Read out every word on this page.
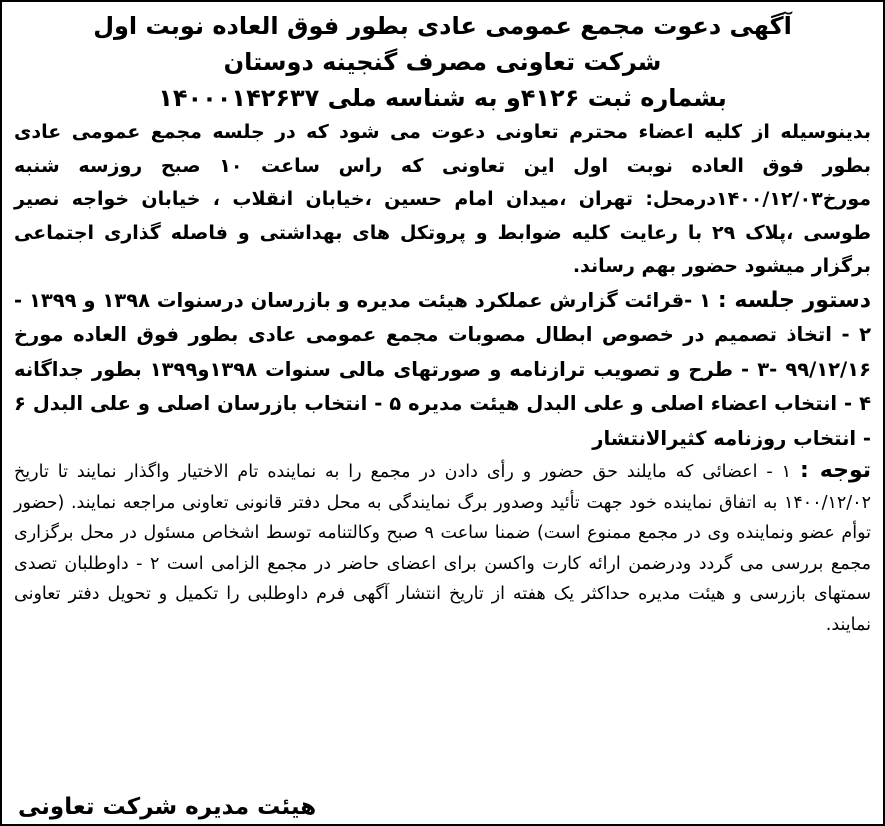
آگهی دعوت مجمع عمومی عادی بطور فوق العاده نوبت اول

شرکت تعاونی مصرف گنجینه دوستان

بشماره ثبت ۴۱۲۶و به شناسه ملی ۱۴۰۰۰۱۴۲۶۳۷

بدینوسیله از کلیه اعضاء محترم تعاونی دعوت می شود که در جلسه مجمع عمومی عادی بطور فوق العاده نوبت اول این تعاونی که راس ساعت ۱۰ صبح روزسه شنبه مورخ۱۴۰۰/۱۲/۰۳درمحل: تهران ،میدان امام حسین ،خیابان انقلاب ، خیابان خواجه نصیر طوسی ،پلاک ۲۹ با رعایت کلیه ضوابط و پروتکل های بهداشتی و فاصله گذاری اجتماعی برگزار میشود حضور بهم رساند.

دستور جلسه : ۱ -قرائت گزارش عملکرد هیئت مدیره و بازرسان درسنوات ۱۳۹۸ و ۱۳۹۹ - ۲ - اتخاذ تصمیم در خصوص ابطال مصوبات مجمع عمومی عادی بطور فوق العاده مورخ ۹۹/۱۲/۱۶ -۳ - طرح و تصویب ترازنامه و صورتهای مالی سنوات ۱۳۹۸و۱۳۹۹ بطور جداگانه ۴ - انتخاب اعضاء اصلی و علی البدل هیئت مدیره ۵ - انتخاب بازرسان اصلی و علی البدل ۶ - انتخاب روزنامه کثیرالانتشار

توجه : ۱ - اعضائی که مایلند حق حضور و رأی دادن در مجمع را به نماینده تام الاختیار واگذار نمایند تا تاریخ ۱۴۰۰/۱۲/۰۲ به اتفاق نماینده خود جهت تأئید وصدور برگ نمایندگی به محل دفتر قانونی تعاونی مراجعه نمایند. (حضور توأم عضو ونماینده وی در مجمع ممنوع است) ضمنا ساعت ۹ صبح وکالتنامه توسط اشخاص مسئول در محل برگزاری مجمع بررسی می گردد ودرضمن ارائه کارت واکسن برای اعضای حاضر در مجمع الزامی است ۲ - داوطلبان تصدی سمتهای بازرسی و هیئت مدیره حداکثر یک هفته از تاریخ انتشار آگهی فرم داوطلبی را تکمیل و تحویل دفتر تعاونی نمایند.

هیئت مدیره شرکت تعاونی
